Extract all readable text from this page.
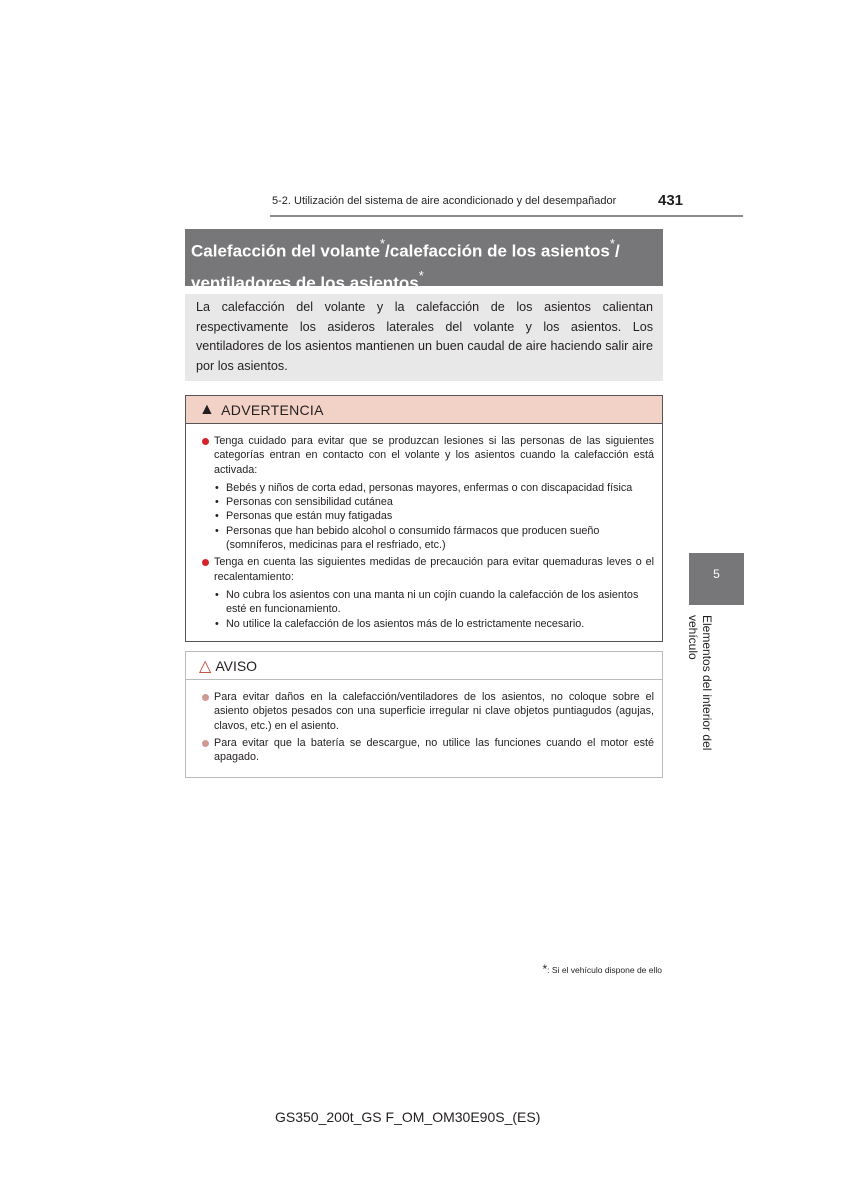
5-2. Utilización del sistema de aire acondicionado y del desempañador	431
Calefacción del volante*/calefacción de los asientos*/
ventiladores de los asientos*
La calefacción del volante y la calefacción de los asientos calientan respectivamente los asideros laterales del volante y los asientos. Los ventiladores de los asientos mantienen un buen caudal de aire haciendo salir aire por los asientos.
▲ ADVERTENCIA
Tenga cuidado para evitar que se produzcan lesiones si las personas de las siguientes categorías entran en contacto con el volante y los asientos cuando la calefacción está activada:
• Bebés y niños de corta edad, personas mayores, enfermas o con discapacidad física
• Personas con sensibilidad cutánea
• Personas que están muy fatigadas
• Personas que han bebido alcohol o consumido fármacos que producen sueño (somníferos, medicinas para el resfriado, etc.)
Tenga en cuenta las siguientes medidas de precaución para evitar quemaduras leves o el recalentamiento:
• No cubra los asientos con una manta ni un cojín cuando la calefacción de los asientos esté en funcionamiento.
• No utilice la calefacción de los asientos más de lo estrictamente necesario.
△ AVISO
Para evitar daños en la calefacción/ventiladores de los asientos, no coloque sobre el asiento objetos pesados con una superficie irregular ni clave objetos puntiagudos (agujas, clavos, etc.) en el asiento.
Para evitar que la batería se descargue, no utilice las funciones cuando el motor esté apagado.
5
Elementos del interior del vehículo
*: Si el vehículo dispone de ello
GS350_200t_GS F_OM_OM30E90S_(ES)
